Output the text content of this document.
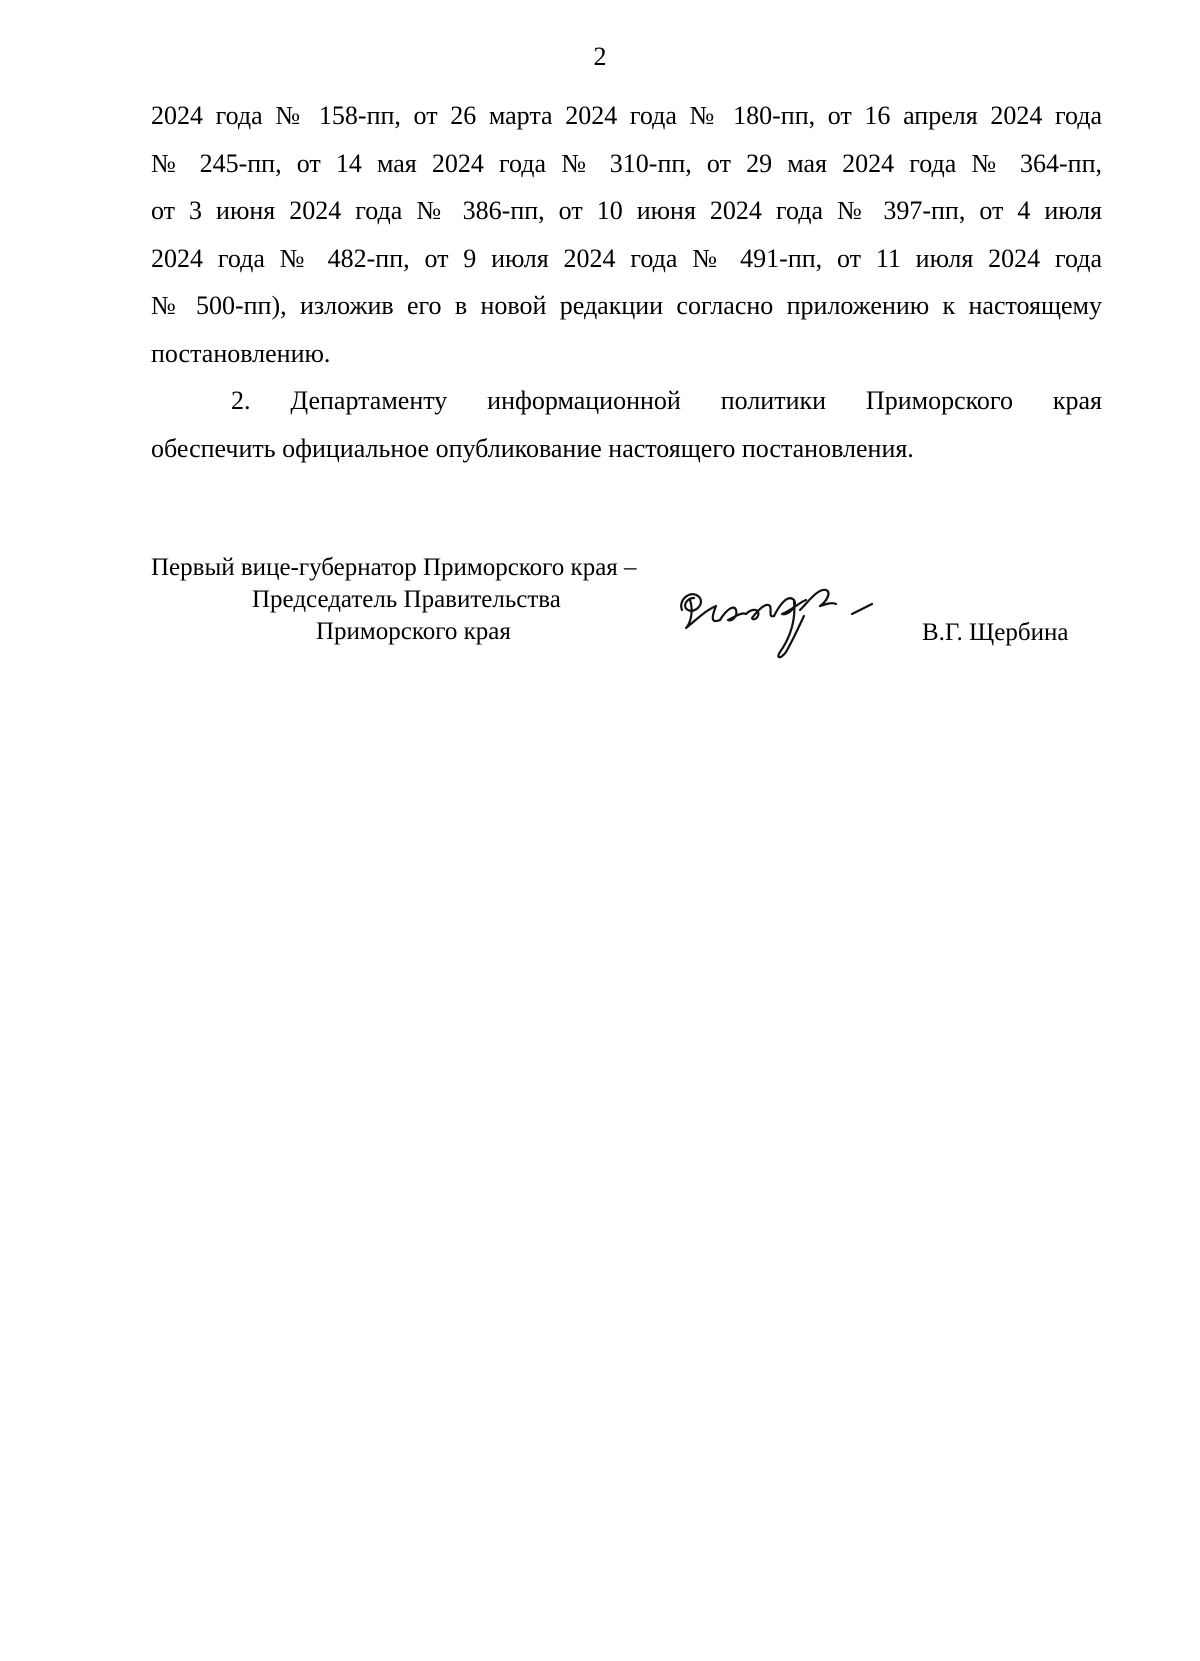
2
2024 года № 158-пп, от 26 марта 2024 года № 180-пп, от 16 апреля 2024 года
№ 245-пп, от 14 мая 2024 года № 310-пп, от 29 мая 2024 года № 364-пп,
от 3 июня 2024 года № 386-пп, от 10 июня 2024 года № 397-пп, от 4 июля
2024 года № 482-пп, от 9 июля 2024 года № 491-пп, от 11 июля 2024 года
№ 500-пп), изложив его в новой редакции согласно приложению к настоящему
постановлению.
2. Департаменту информационной политики Приморского края
обеспечить официальное опубликование настоящего постановления.
Первый вице-губернатор Приморского края –
Председатель Правительства
Приморского края	В.Г. Щербина
